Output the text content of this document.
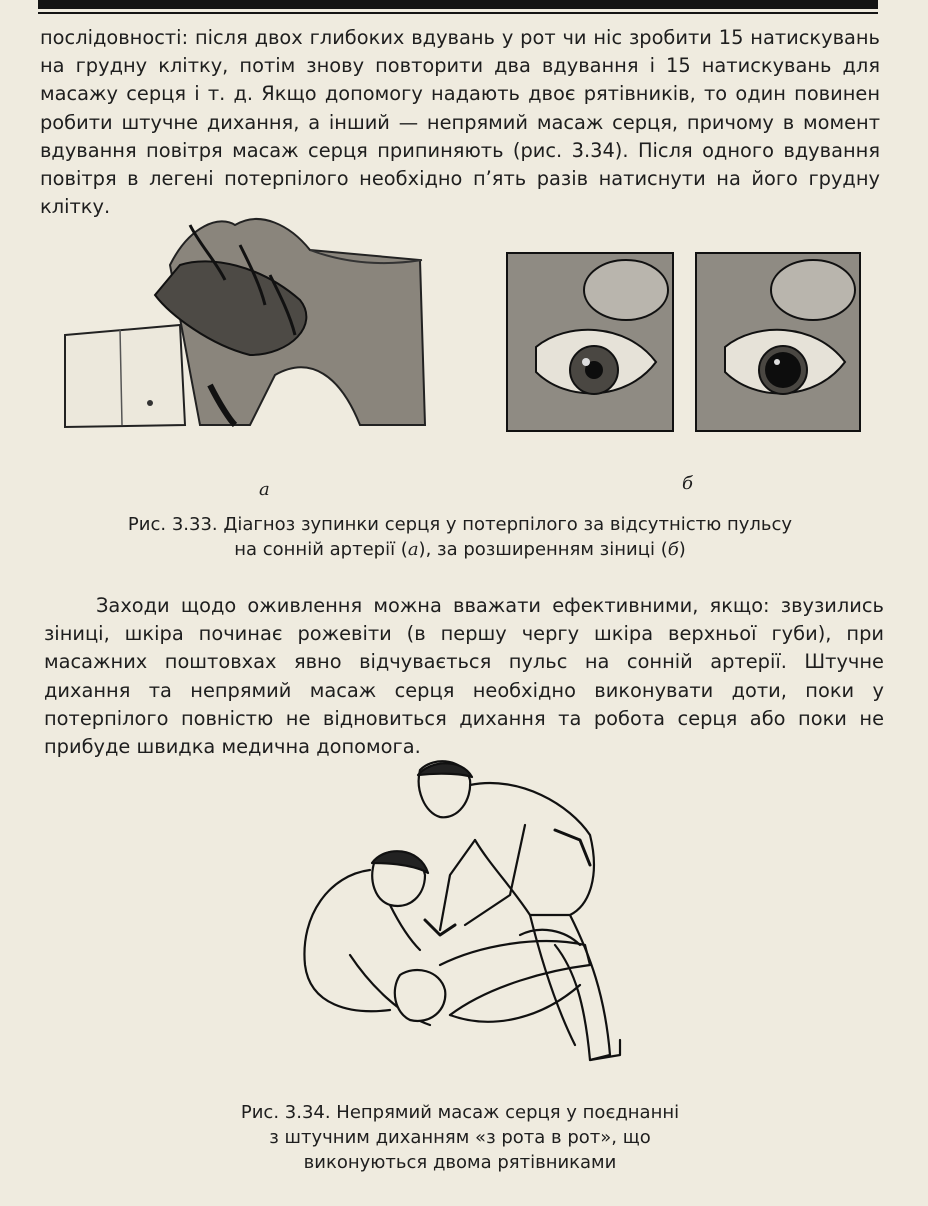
послідовності: після двох глибоких вдувань у рот чи ніс зробити 15 натискувань на грудну клітку, потім знову повторити два вдування і 15 натискувань для масажу серця і т. д. Якщо допомогу надають двоє рятівників, то один повинен робити штучне дихання, а інший — непрямий масаж серця, причому в момент вдування повітря масаж серця припиняють (рис. 3.34). Після одного вдування повітря в легені потерпілого необхідно п’ять разів натиснути на його грудну клітку.

а	б
Рис. 3.33. Діагноз зупинки серця у потерпілого за відсутністю пульсу
на сонній артерії (а), за розширенням зіниці (б)

Заходи щодо оживлення можна вважати ефективними, якщо: звузились зіниці, шкіра починає рожевіти (в першу чергу шкіра верхньої губи), при масажних поштовхах явно відчувається пульс на сонній артерії. Штучне дихання та непрямий масаж серця необхідно виконувати доти, поки у потерпілого повністю не відновиться дихання та робота серця або поки не прибуде швидка медична допомога.

Рис. 3.34. Непрямий масаж серця у поєднанні
з штучним диханням «з рота в рот», що
виконуються двома рятівниками
